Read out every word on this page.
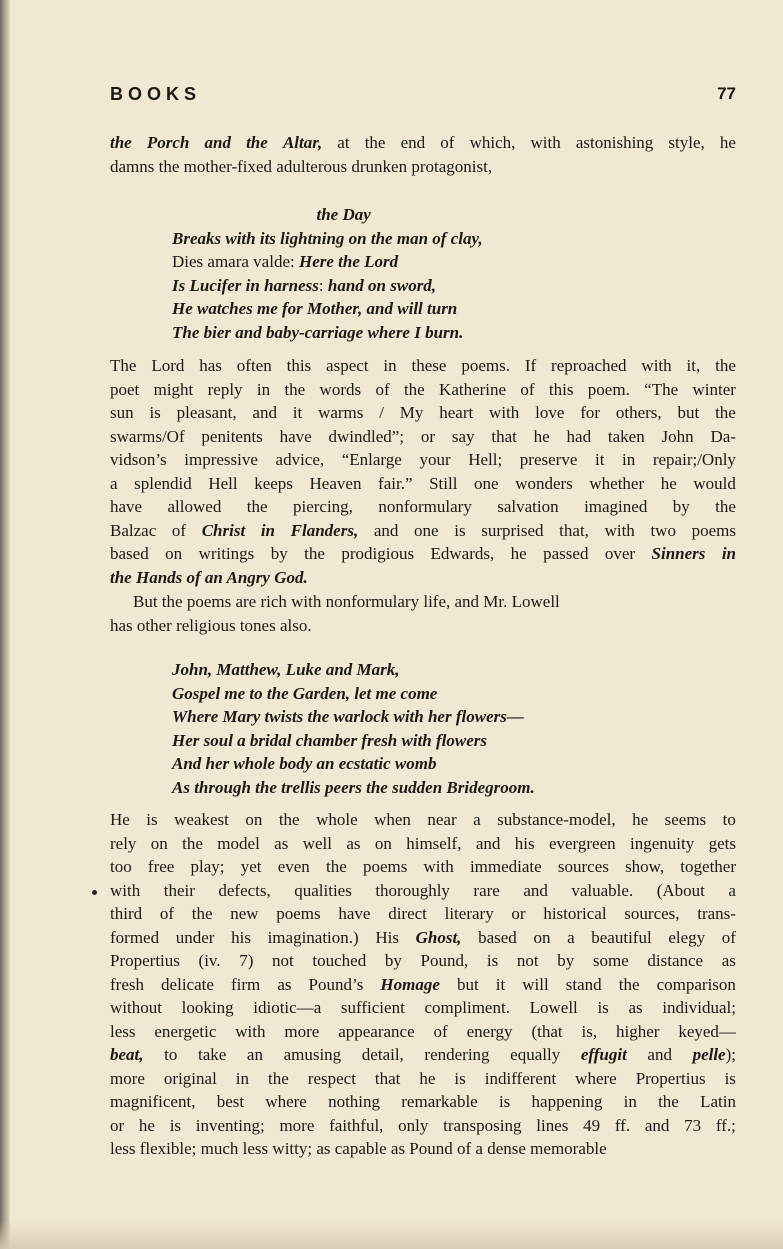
BOOKS	77
the Porch and the Altar, at the end of which, with astonishing style, he
damns the mother-fixed adulterous drunken protagonist,
the Day
Breaks with its lightning on the man of clay,
Dies amara valde: Here the Lord
Is Lucifer in harness: hand on sword,
He watches me for Mother, and will turn
The bier and baby-carriage where I burn.
The Lord has often this aspect in these poems. If reproached with it, the
poet might reply in the words of the Katherine of this poem. “The winter
sun is pleasant, and it warms / My heart with love for others, but the
swarms/Of penitents have dwindled”; or say that he had taken John Da-
vidson’s impressive advice, “Enlarge your Hell; preserve it in repair;/Only
a splendid Hell keeps Heaven fair.” Still one wonders whether he would
have allowed the piercing, nonformulary salvation imagined by the
Balzac of Christ in Flanders, and one is surprised that, with two poems
based on writings by the prodigious Edwards, he passed over Sinners in
the Hands of an Angry God.
But the poems are rich with nonformulary life, and Mr. Lowell
has other religious tones also.
John, Matthew, Luke and Mark,
Gospel me to the Garden, let me come
Where Mary twists the warlock with her flowers—
Her soul a bridal chamber fresh with flowers
And her whole body an ecstatic womb
As through the trellis peers the sudden Bridegroom.
He is weakest on the whole when near a substance-model, he seems to
rely on the model as well as on himself, and his evergreen ingenuity gets
too free play; yet even the poems with immediate sources show, together
with their defects, qualities thoroughly rare and valuable. (About a
third of the new poems have direct literary or historical sources, trans-
formed under his imagination.) His Ghost, based on a beautiful elegy of
Propertius (iv. 7) not touched by Pound, is not by some distance as
fresh delicate firm as Pound’s Homage but it will stand the comparison
without looking idiotic—a sufficient compliment. Lowell is as individual;
less energetic with more appearance of energy (that is, higher keyed—
beat, to take an amusing detail, rendering equally effugit and pelle);
more original in the respect that he is indifferent where Propertius is
magnificent, best where nothing remarkable is happening in the Latin
or he is inventing; more faithful, only transposing lines 49 ff. and 73 ff.;
less flexible; much less witty; as capable as Pound of a dense memorable
